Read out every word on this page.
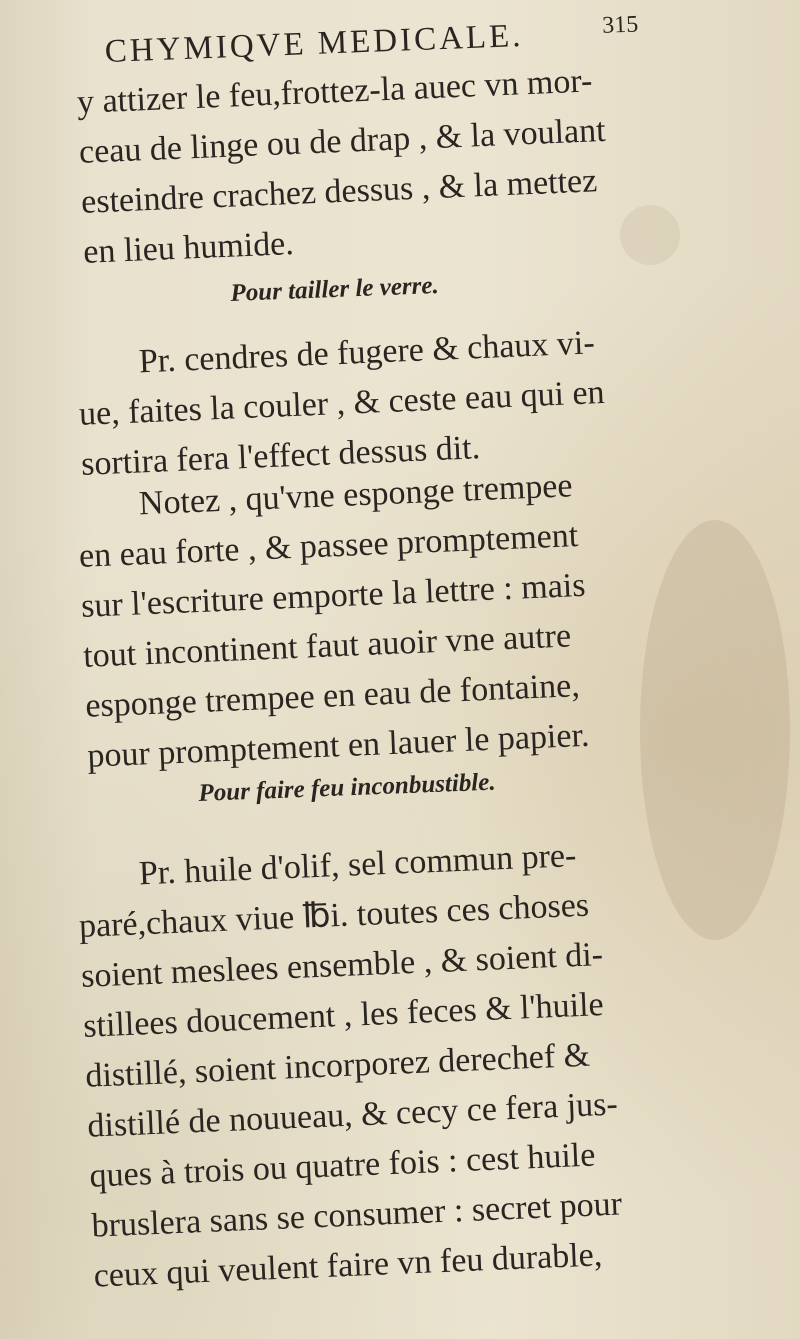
CHYMIQVE MEDICALE.	315
y attizer le feu,frottez-la auec vn mor-
ceau de linge ou de drap , & la voulant
esteindre crachez dessus , & la mettez
en lieu humide.
Pour tailler le verre.
Pr. cendres de fugere & chaux vi-
ue, faites la couler , & ceste eau qui en
sortira fera l'effect dessus dit.
Notez , qu'vne esponge trempee
en eau forte , & passee promptement
sur l'escriture emporte la lettre : mais
tout incontinent faut auoir vne autre
esponge trempee en eau de fontaine,
pour promptement en lauer le papier.
Pour faire feu inconbustible.
Pr. huile d'olif, sel commun pre-
paré,chaux viue ℔i. toutes ces choses
soient meslees ensemble , & soient di-
stillees doucement , les feces & l'huile
distillé, soient incorporez derechef &
distillé de nouueau, & cecy ce fera jus-
ques à trois ou quatre fois : cest huile
bruslera sans se consumer : secret pour
ceux qui veulent faire vn feu durable,
